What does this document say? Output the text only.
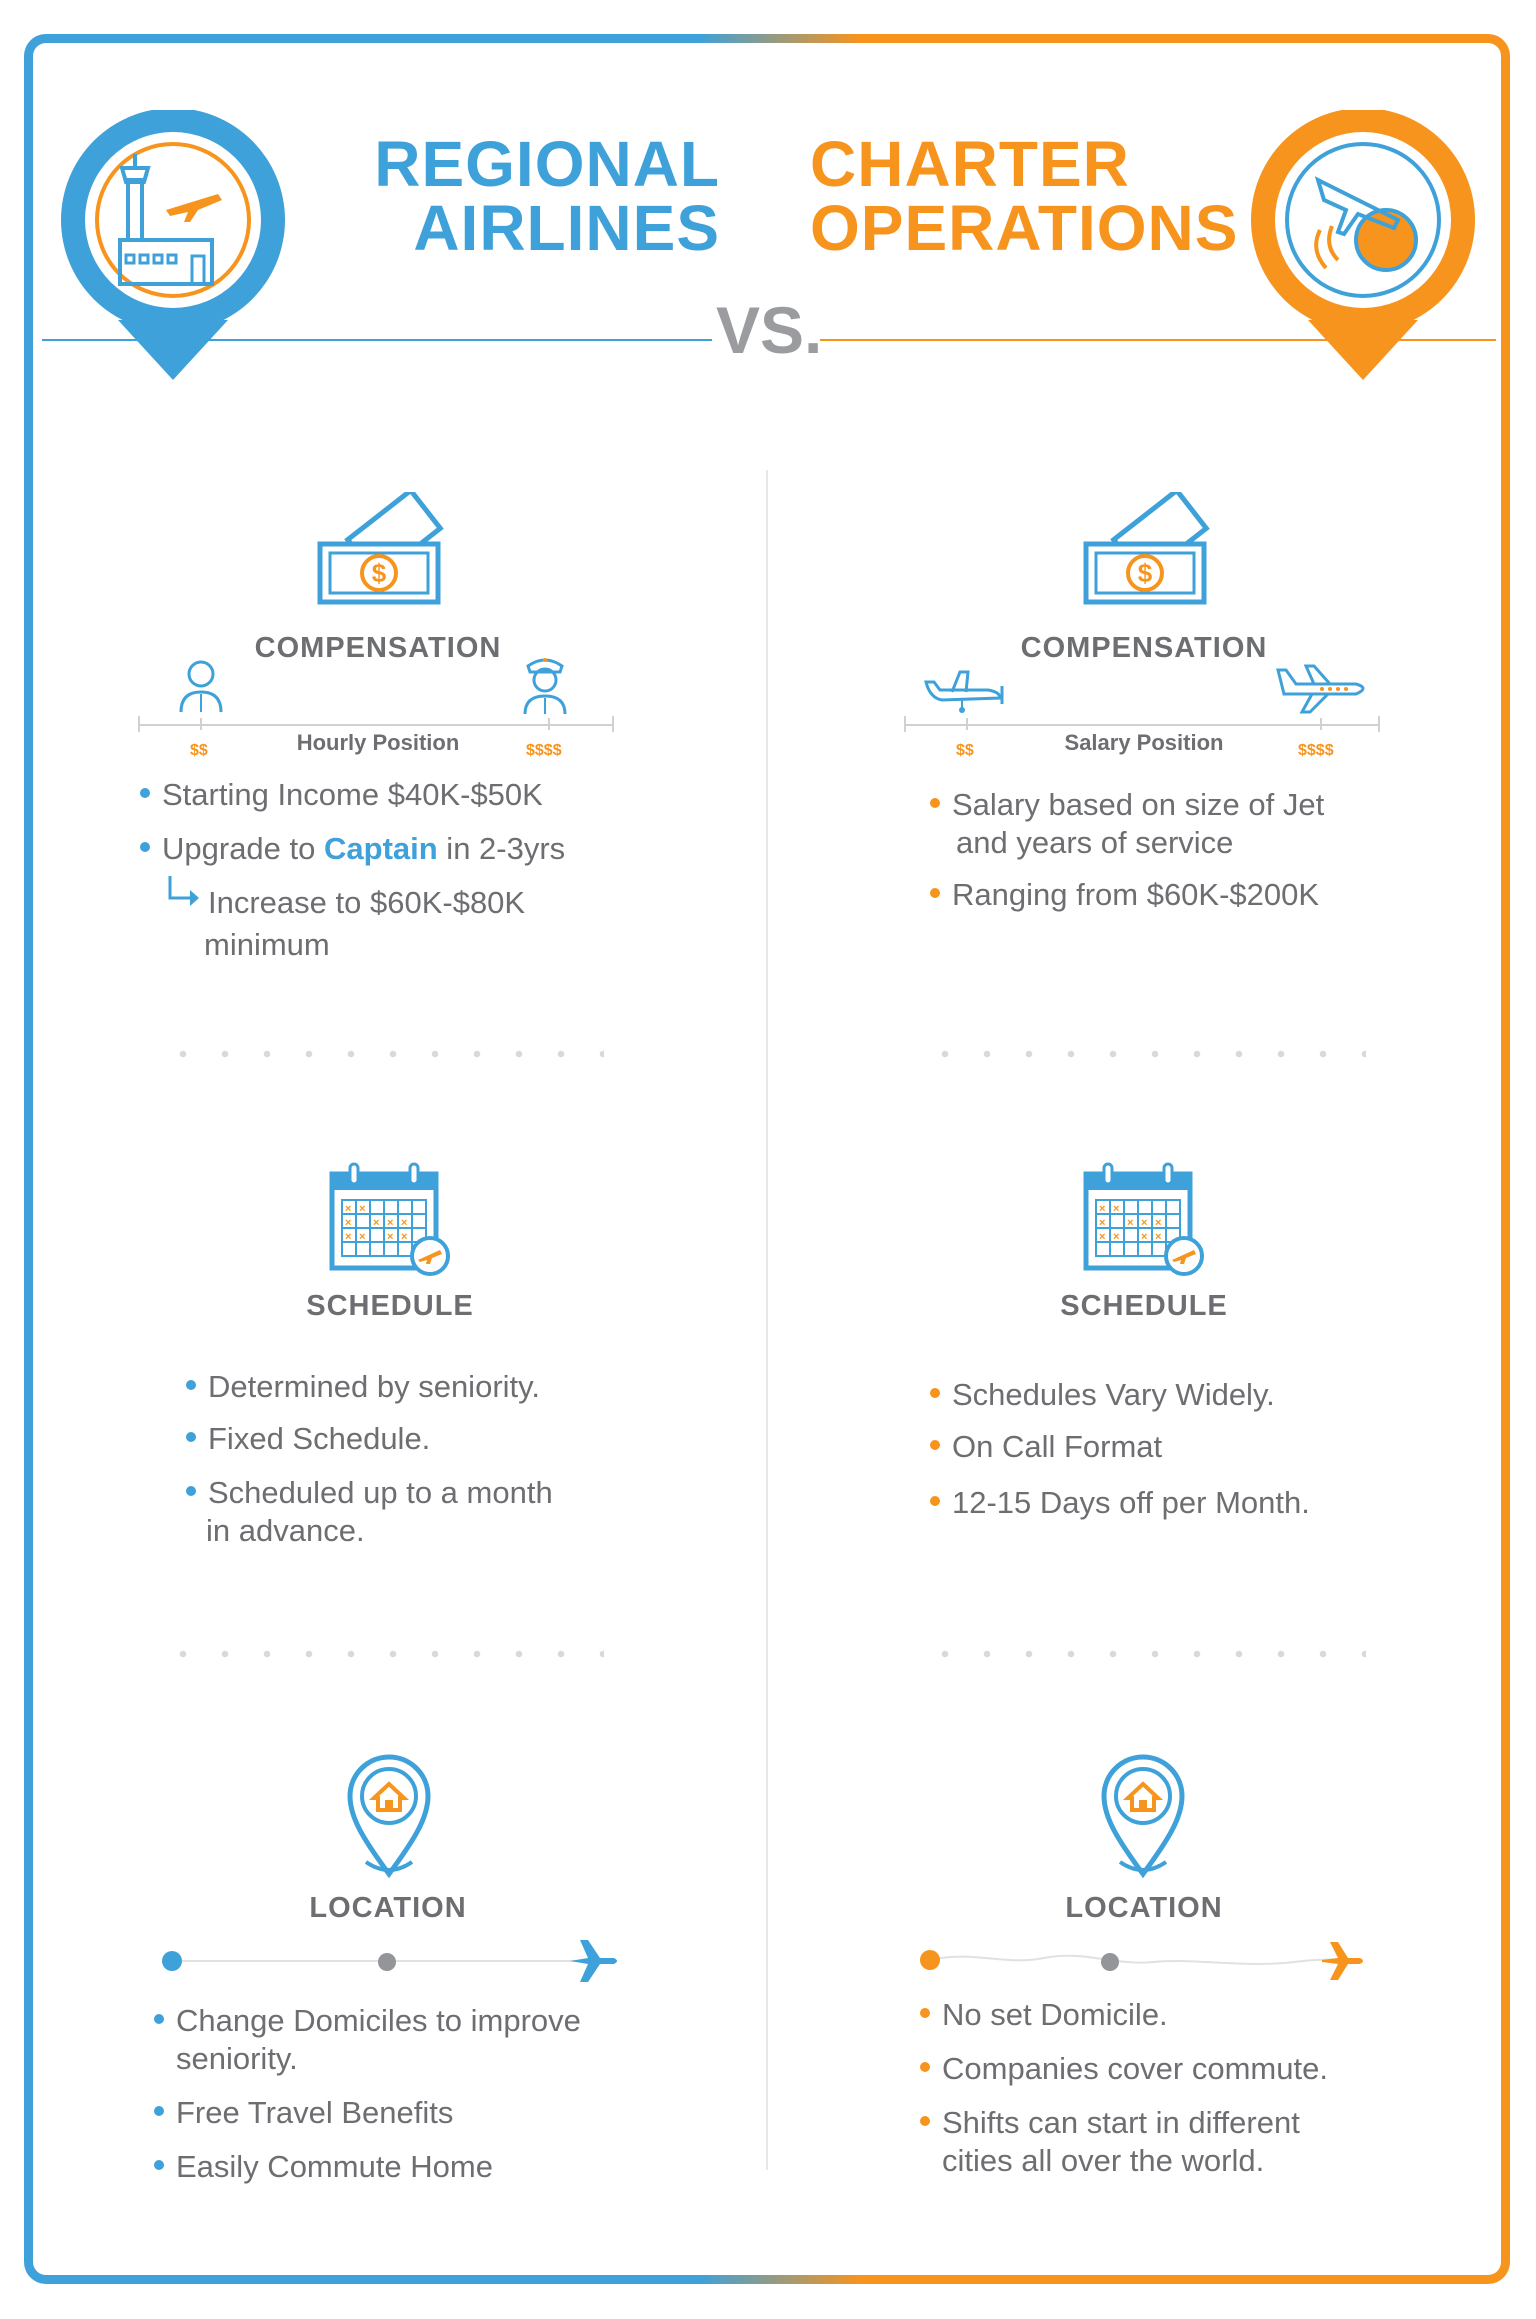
REGIONAL
AIRLINES
CHARTER
OPERATIONS
VS.
$
COMPENSATION
$$	$$$$
Hourly Position
Starting Income $40K-$50K
Upgrade to Captain in 2-3yrs
Increase to $60K-$80K
minimum
× ×
× × × ×
× × × ×
SCHEDULE
Determined by seniority.
Fixed Schedule.
Scheduled up to a month
in advance.
LOCATION
Change Domiciles to improve
seniority.
Free Travel Benefits
Easily Commute Home
$
COMPENSATION
$$	$$$$
Salary Position
Salary based on size of Jet
and years of service
Ranging from $60K-$200K
× ×
× × × ×
× × × ×
SCHEDULE
Schedules Vary Widely.
On Call Format
12-15 Days off per Month.
LOCATION
No set Domicile.
Companies cover commute.
Shifts can start in different
cities all over the world.
